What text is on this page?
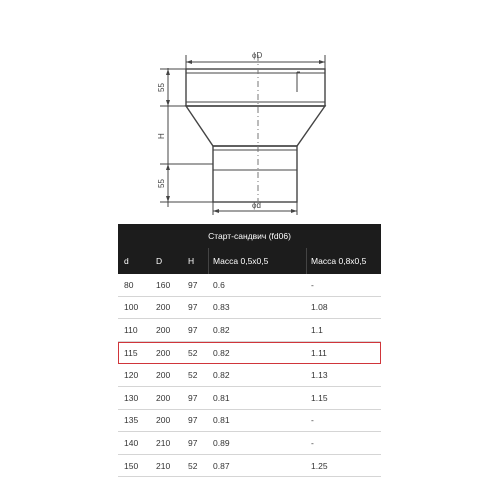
ϕD
ϕd
55
H
55
Старт-сандвич (fd06)
d	D	H Масса 0,5x0,5	Масса 0,8x0,5
80	160 97 0.6	-
100 200 97 0.83	1.08
110 200 97 0.82	1.1
115 200 52 0.82	1.11
120 200 52 0.82	1.13
130 200 97 0.81	1.15
135 200 97 0.81	-
140 210 97 0.89	-
150 210 52 0.87	1.25
